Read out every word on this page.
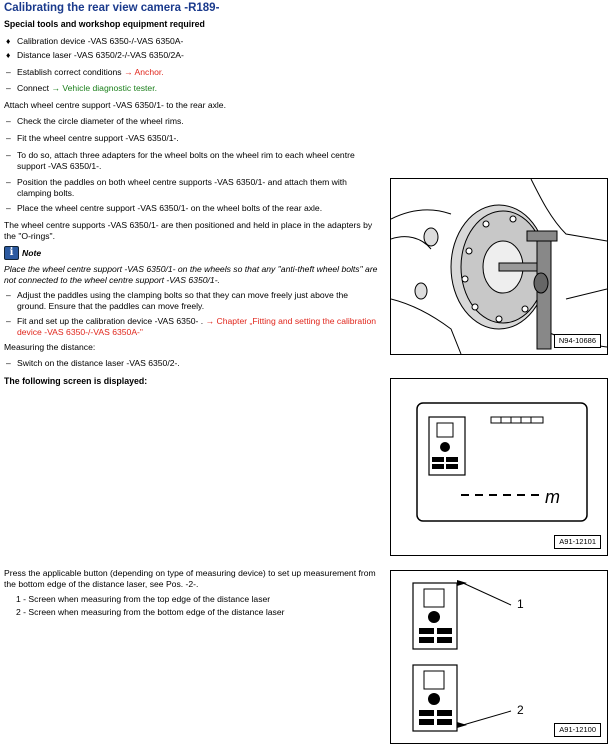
Calibrating the rear view camera -R189-
Special tools and workshop equipment required
♦ Calibration device -VAS 6350-/-VAS 6350A-
♦ Distance laser -VAS 6350/2-/-VAS 6350/2A-
– Establish correct conditions → Anchor.
– Connect → Vehicle diagnostic tester.
Attach wheel centre support -VAS 6350/1- to the rear axle.
– Check the circle diameter of the wheel rims.
– Fit the wheel centre support -VAS 6350/1-.
– To do so, attach three adapters for the wheel bolts on the wheel rim to each wheel centre support -VAS 6350/1-.
– Position the paddles on both wheel centre supports -VAS 6350/1- and attach them with clamping bolts.
– Place the wheel centre support -VAS 6350/1- on the wheel bolts of the rear axle.
The wheel centre supports -VAS 6350/1- are then positioned and held in place in the adapters by the "O-rings".
i Note
Place the wheel centre support -VAS 6350/1- on the wheels so that any "anti-theft wheel bolts" are not connected to the wheel centre support -VAS 6350/1-.
– Adjust the paddles using the clamping bolts so that they can move freely just above the ground. Ensure that the paddles can move freely.
– Fit and set up the calibration device -VAS 6350- . → Chapter „Fitting and setting the calibration device -VAS 6350-/-VAS 6350A-"
Measuring the distance:
– Switch on the distance laser -VAS 6350/2-.
The following screen is displayed:
Press the applicable button (depending on type of measuring device) to set up measurement from the bottom edge of the distance laser, see Pos. -2-.
1 - Screen when measuring from the top edge of the distance laser
2 - Screen when measuring from the bottom edge of the distance laser
N94-10686
m
A91-12101
1
2
A91-12100
